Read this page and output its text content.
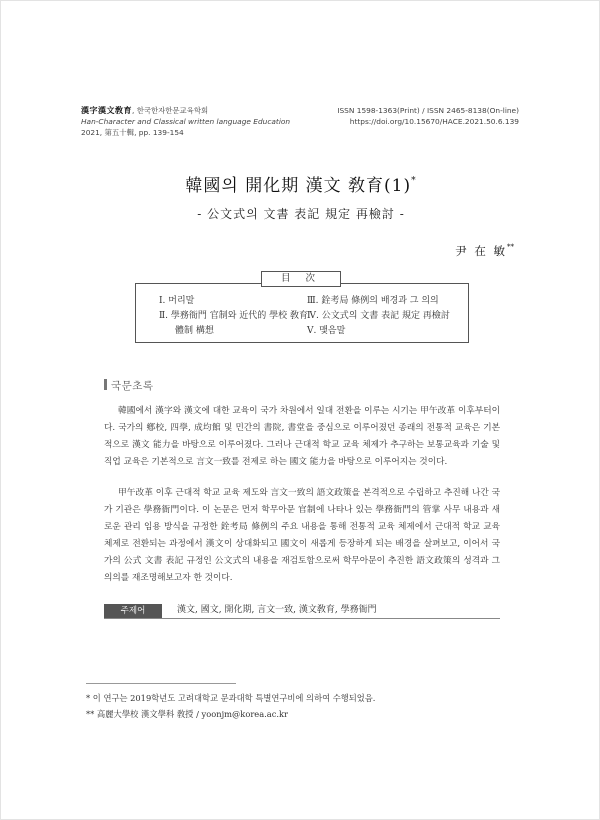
漢字漢文敎育, 한국한자한문교육학회
Han-Character and Classical written language Education
2021, 第五十輯, pp. 139-154
ISSN 1598-1363(Print) / ISSN 2465-8138(On-line)
https://doi.org/10.15670/HACE.2021.50.6.139
韓國의 開化期 漢文 敎育(1)*
- 公文式의 文書 表記 規定 再檢討 -
尹 在 敏**
目 次
Ⅰ. 머리말
Ⅱ. 學務衙門 官制와 近代的 學校 敎育
體制 構想
Ⅲ. 銓考局 條例의 배경과 그 의의
Ⅳ. 公文式의 文書 表記 規定 再檢討
Ⅴ. 맺음말
국문초록

韓國에서 漢字와 漢文에 대한 교육이 국가 차원에서 일대 전환을 이루는 시기는 甲午改革 이후부터이다. 국가의 鄕校, 四學, 成均館 및 민간의 書院, 書堂을 중심으로 이루어졌던 종래의 전통적 교육은 기본적으로 漢文 能力을 바탕으로 이루어졌다. 그러나 근대적 학교 교육 체제가 추구하는 보통교육과 기술 및 직업 교육은 기본적으로 言文一致를 전제로 하는 國文 能力을 바탕으로 이루어지는 것이다.

甲午改革 이후 근대적 학교 교육 제도와 言文一致의 語文政策을 본격적으로 수립하고 추진해 나간 국가 기관은 學務衙門이다. 이 논문은 먼저 학무아문 官制에 나타나 있는 學務衙門의 管掌 사무 내용과 새로운 관리 임용 방식을 규정한 銓考局 條例의 주요 내용을 통해 전통적 교육 체제에서 근대적 학교 교육 체제로 전환되는 과정에서 漢文이 상대화되고 國文이 새롭게 등장하게 되는 배경을 살펴보고, 이어서 국가의 公式 文書 表記 규정인 公文式의 내용을 재검토함으로써 학무아문이 추진한 語文政策의 성격과 그 의의를 재조명해보고자 한 것이다.

주제어	漢文, 國文, 開化期, 言文一致, 漢文敎育, 學務衙門
* 이 연구는 2019학년도 고려대학교 문과대학 특별연구비에 의하여 수행되었음.
** 高麗大學校 漢文學科 敎授 / yoonjm@korea.ac.kr
